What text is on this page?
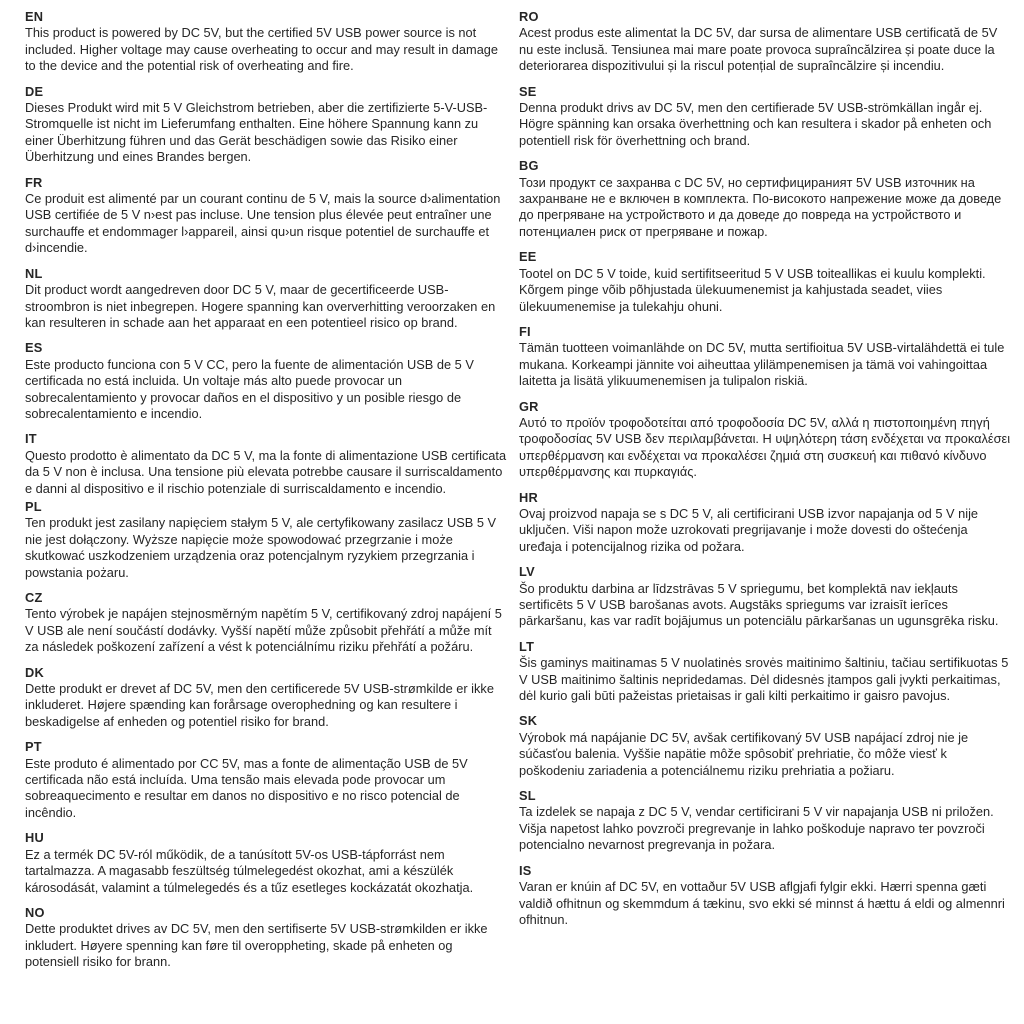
EN

This product is powered by DC 5V, but the certified 5V USB power source is not included. Higher voltage may cause overheating to occur and may result in damage to the device and the potential risk of overheating and fire.

DE

Dieses Produkt wird mit 5 V Gleichstrom betrieben, aber die zertifizierte 5-V-USB-Stromquelle ist nicht im Lieferumfang enthalten. Eine höhere Spannung kann zu einer Überhitzung führen und das Gerät beschädigen sowie das Risiko einer Überhitzung und eines Brandes bergen.

FR

Ce produit est alimenté par un courant continu de 5 V, mais la source d›alimentation USB certifiée de 5 V n›est pas incluse. Une tension plus élevée peut entraîner une surchauffe et endommager l›appareil, ainsi qu›un risque potentiel de surchauffe et d›incendie.

NL

Dit product wordt aangedreven door DC 5 V, maar de gecertificeerde USB-stroombron is niet inbegrepen. Hogere spanning kan oververhitting veroorzaken en kan resulteren in schade aan het apparaat en een potentieel risico op brand.

ES

Este producto funciona con 5 V CC, pero la fuente de alimentación USB de 5 V certificada no está incluida. Un voltaje más alto puede provocar un sobrecalentamiento y provocar daños en el dispositivo y un posible riesgo de sobrecalentamiento e incendio.

IT

Questo prodotto è alimentato da DC 5 V, ma la fonte di alimentazione USB certificata da 5 V non è inclusa. Una tensione più elevata potrebbe causare il surriscaldamento e danni al dispositivo e il rischio potenziale di surriscaldamento e incendio.

PL

Ten produkt jest zasilany napięciem stałym 5 V, ale certyfikowany zasilacz USB 5 V nie jest dołączony. Wyższe napięcie może spowodować przegrzanie i może skutkować uszkodzeniem urządzenia oraz potencjalnym ryzykiem przegrzania i powstania pożaru.

CZ

Tento výrobek je napájen stejnosměrným napětím 5 V, certifikovaný zdroj napájení 5 V USB ale není součástí dodávky. Vyšší napětí může způsobit přehřátí a může mít za následek poškození zařízení a vést k potenciálnímu riziku přehřátí a požáru.

DK

Dette produkt er drevet af DC 5V, men den certificerede 5V USB-strømkilde er ikke inkluderet. Højere spænding kan forårsage overophedning og kan resultere i beskadigelse af enheden og potentiel risiko for brand.

PT

Este produto é alimentado por CC 5V, mas a fonte de alimentação USB de 5V certificada não está incluída. Uma tensão mais elevada pode provocar um sobreaquecimento e resultar em danos no dispositivo e no risco potencial de incêndio.

HU

Ez a termék DC 5V-ról működik, de a tanúsított 5V-os USB-tápforrást nem tartalmazza. A magasabb feszültség túlmelegedést okozhat, ami a készülék károsodását, valamint a túlmelegedés és a tűz esetleges kockázatát okozhatja.

NO

Dette produktet drives av DC 5V, men den sertifiserte 5V USB-strømkilden er ikke inkludert. Høyere spenning kan føre til overoppheting, skade på enheten og potensiell risiko for brann.

RO

Acest produs este alimentat la DC 5V, dar sursa de alimentare USB certificată de 5V nu este inclusă. Tensiunea mai mare poate provoca supraîncălzirea și poate duce la deteriorarea dispozitivului și la riscul potențial de supraîncălzire și incendiu.

SE

Denna produkt drivs av DC 5V, men den certifierade 5V USB-strömkällan ingår ej. Högre spänning kan orsaka överhettning och kan resultera i skador på enheten och potentiell risk för överhettning och brand.

BG

Този продукт се захранва с DC 5V, но сертифицираният 5V USB източник на захранване не е включен в комплекта. По-високото напрежение може да доведе до прегряване на устройството и да доведе до повреда на устройството и потенциален риск от прегряване и пожар.

EE

Tootel on DC 5 V toide, kuid sertifitseeritud 5 V USB toiteallikas ei kuulu komplekti. Kõrgem pinge võib põhjustada ülekuumenemist ja kahjustada seadet, viies ülekuumenemise ja tulekahju ohuni.

FI

Tämän tuotteen voimanlähde on DC 5V, mutta sertifioitua 5V USB-virtalähdettä ei tule mukana. Korkeampi jännite voi aiheuttaa ylilämpenemisen ja tämä voi vahingoittaa laitetta ja lisätä ylikuumenemisen ja tulipalon riskiä.

GR

Αυτό το προϊόν τροφοδοτείται από τροφοδοσία DC 5V, αλλά η πιστοποιημένη πηγή τροφοδοσίας 5V USB δεν περιλαμβάνεται. Η υψηλότερη τάση ενδέχεται να προκαλέσει υπερθέρμανση και ενδέχεται να προκαλέσει ζημιά στη συσκευή και πιθανό κίνδυνο υπερθέρμανσης και πυρκαγιάς.

HR

Ovaj proizvod napaja se s DC 5 V, ali certificirani USB izvor napajanja od 5 V nije uključen. Viši napon može uzrokovati pregrijavanje i može dovesti do oštećenja uređaja i potencijalnog rizika od požara.

LV

Šo produktu darbina ar līdzstrāvas 5 V spriegumu, bet komplektā nav iekļauts sertificēts 5 V USB barošanas avots. Augstāks spriegums var izraisīt ierīces pārkaršanu, kas var radīt bojājumus un potenciālu pārkaršanas un ugunsgrēka risku.

LT

Šis gaminys maitinamas 5 V nuolatinės srovės maitinimo šaltiniu, tačiau sertifikuotas 5 V USB maitinimo šaltinis nepridedamas. Dėl didesnės įtampos gali įvykti perkaitimas, dėl kurio gali būti pažeistas prietaisas ir gali kilti perkaitimo ir gaisro pavojus.

SK

Výrobok má napájanie DC 5V, avšak certifikovaný 5V USB napájací zdroj nie je súčasťou balenia. Vyššie napätie môže spôsobiť prehriatie, čo môže viesť k poškodeniu zariadenia a potenciálnemu riziku prehriatia a požiaru.

SL

Ta izdelek se napaja z DC 5 V, vendar certificirani 5 V vir napajanja USB ni priložen. Višja napetost lahko povzroči pregrevanje in lahko poškoduje napravo ter povzroči potencialno nevarnost pregrevanja in požara.

IS

Varan er knúin af DC 5V, en vottaður 5V USB aflgjafi fylgir ekki. Hærri spenna gæti valdið ofhitnun og skemmdum á tækinu, svo ekki sé minnst á hættu á eldi og almennri ofhitnun.
